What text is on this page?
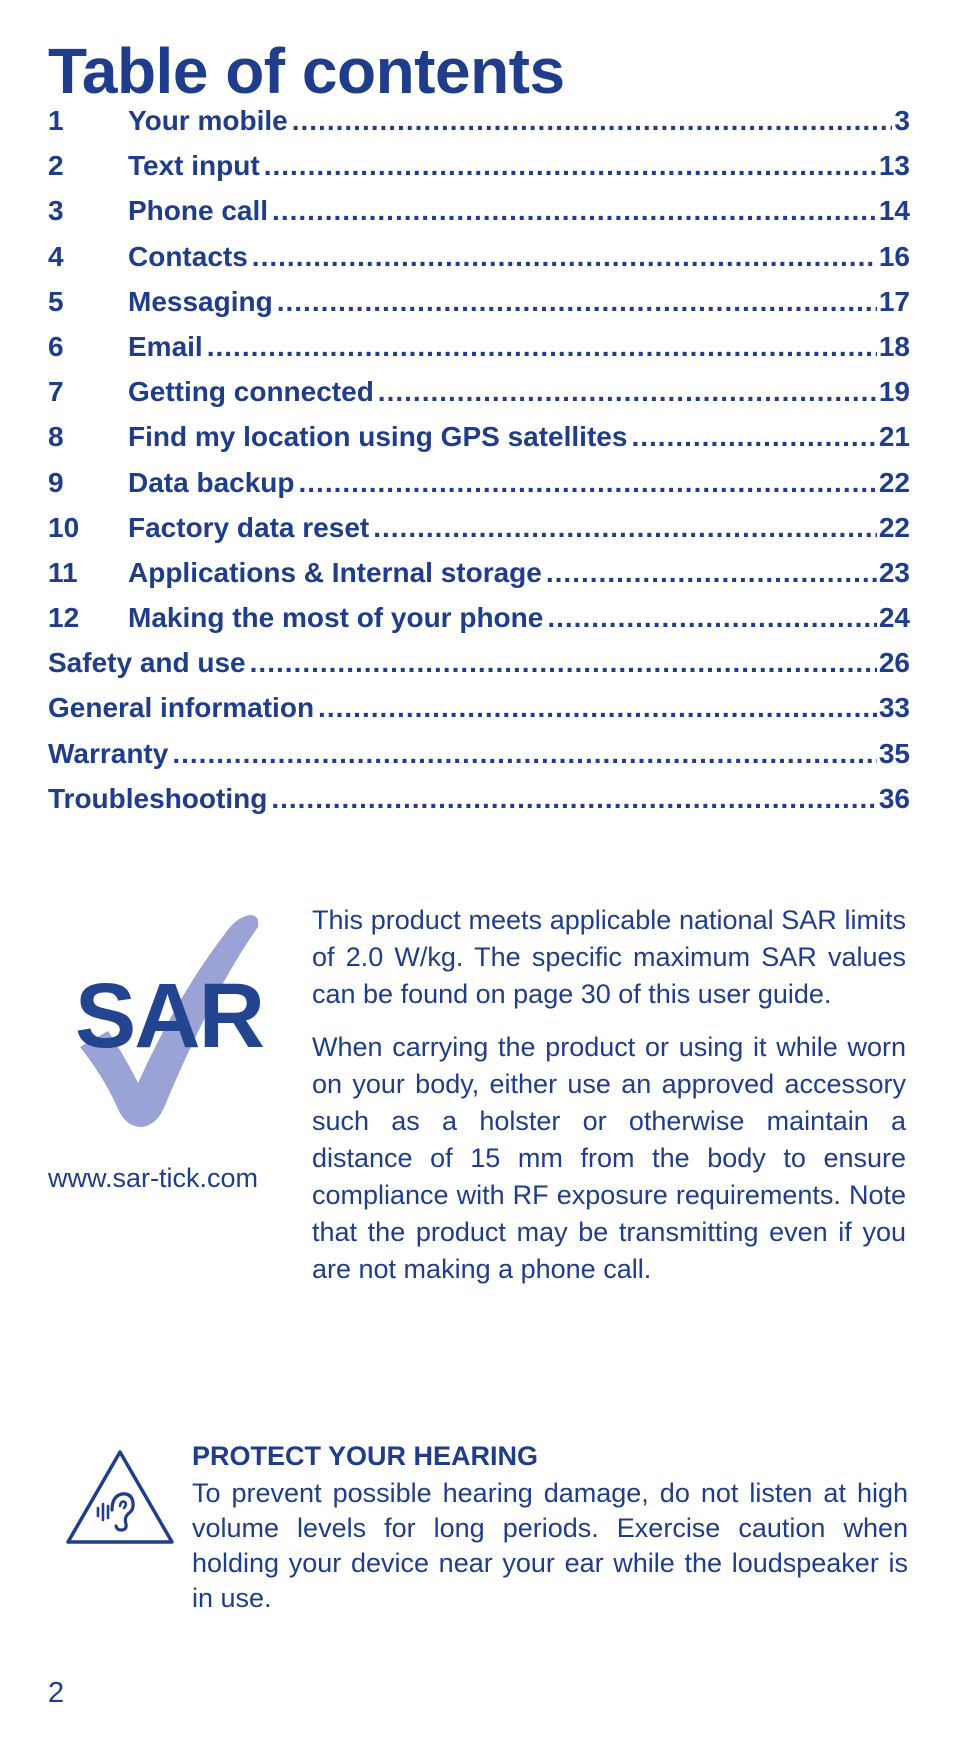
Table of contents
1	Your mobile .....	3
2	Text input .....	13
3	Phone call .....	14
4	Contacts .....	16
5	Messaging .....	17
6	Email .....	18
7	Getting connected .....	19
8	Find my location using GPS satellites .....	21
9	Data backup .....	22
10	Factory data reset .....	22
11	Applications & Internal storage .....	23
12	Making the most of your phone .....	24
Safety and use .....	26
General information .....	33
Warranty .....	35
Troubleshooting .....	36
SAR
www.sar-tick.com

This product meets applicable national SAR limits of 2.0 W/kg. The specific maximum SAR values can be found on page 30 of this user guide.

When carrying the product or using it while worn on your body, either use an approved accessory such as a holster or otherwise maintain a distance of 15 mm from the body to ensure compliance with RF exposure requirements. Note that the product may be transmitting even if you are not making a phone call.

PROTECT YOUR HEARING

To prevent possible hearing damage, do not listen at high volume levels for long periods. Exercise caution when holding your device near your ear while the loudspeaker is in use.

2
